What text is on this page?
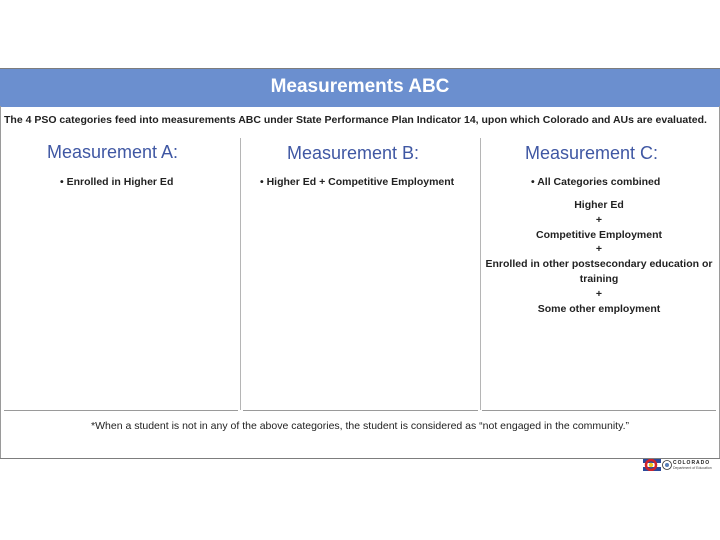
Measurements ABC
The 4 PSO categories feed into measurements ABC under State Performance Plan Indicator 14, upon which Colorado and AUs are evaluated.
Measurement A:
• Enrolled in Higher Ed
Measurement B:
• Higher Ed + Competitive Employment
Measurement C:
• All Categories combined
Higher Ed
+
Competitive Employment
+
Enrolled in other postsecondary education or
training
+
Some other employment
*When a student is not in any of the above categories, the student is considered as “not engaged in the community.”
COLORADO
Department of Education
